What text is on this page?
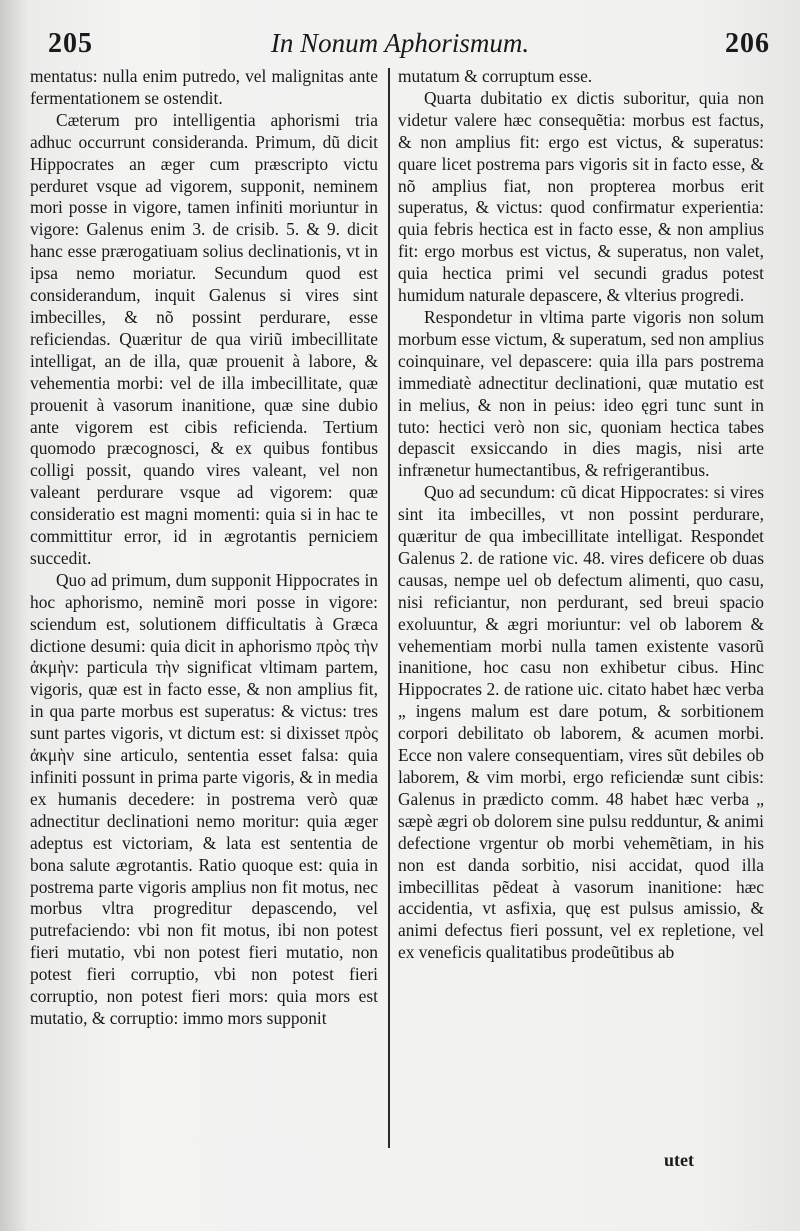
205	In Nonum Aphorismum.	206

mentatus: nulla enim putredo, vel malignitas ante fermentationem se ostendit.

Cæterum pro intelligentia aphorismi tria adhuc occurrunt consideranda. Primum, dũ dicit Hippocrates an æger cum præscripto victu perduret vsque ad vigorem, supponit, neminem mori posse in vigore, tamen infiniti moriuntur in vigore: Galenus enim 3. de crisib. 5. & 9. dicit hanc esse prærogatiuam solius declinationis, vt in ipsa nemo moriatur. Secundum quod est considerandum, inquit Galenus si vires sint imbecilles, & nõ possint perdurare, esse reficiendas. Quæritur de qua viriũ imbecillitate intelligat, an de illa, quæ prouenit à labore, & vehementia morbi: vel de illa imbecillitate, quæ prouenit à vasorum inanitione, quæ sine dubio ante vigorem est cibis reficienda. Tertium quomodo præcognosci, & ex quibus fontibus colligi possit, quando vires valeant, vel non valeant perdurare vsque ad vigorem: quæ consideratio est magni momenti: quia si in hac te committitur error, id in ægrotantis perniciem succedit.

Quo ad primum, dum supponit Hippocrates in hoc aphorismo, neminẽ mori posse in vigore: sciendum est, solutionem difficultatis à Græca dictione desumi: quia dicit in aphorismo πρὸς τὴν ἀκμὴν: particula τὴν significat vltimam partem, vigoris, quæ est in facto esse, & non amplius fit, in qua parte morbus est superatus: & victus: tres sunt partes vigoris, vt dictum est: si dixisset πρὸς ἀκμὴν sine articulo, sententia esset falsa: quia infiniti possunt in prima parte vigoris, & in media ex humanis decedere: in postrema verò quæ adnectitur declinationi nemo moritur: quia æger adeptus est victoriam, & lata est sententia de bona salute ægrotantis. Ratio quoque est: quia in postrema parte vigoris amplius non fit motus, nec morbus vltra progreditur depascendo, vel putrefaciendo: vbi non fit motus, ibi non potest fieri mutatio, vbi non potest fieri mutatio, non potest fieri corruptio, vbi non potest fieri corruptio, non potest fieri mors: quia mors est mutatio, & corruptio: immo mors supponit

mutatum & corruptum esse.

Quarta dubitatio ex dictis suboritur, quia non videtur valere hæc consequẽtia: morbus est factus, & non amplius fit: ergo est victus, & superatus: quare licet postrema pars vigoris sit in facto esse, & nõ amplius fiat, non propterea morbus erit superatus, & victus: quod confirmatur experientia: quia febris hectica est in facto esse, & non amplius fit: ergo morbus est victus, & superatus, non valet, quia hectica primi vel secundi gradus potest humidum naturale depascere, & vlterius progredi.

Respondetur in vltima parte vigoris non solum morbum esse victum, & superatum, sed non amplius coinquinare, vel depascere: quia illa pars postrema immediatè adnectitur declinationi, quæ mutatio est in melius, & non in peius: ideo ęgri tunc sunt in tuto: hectici verò non sic, quoniam hectica tabes depascit exsiccando in dies magis, nisi arte infrænetur humectantibus, & refrigerantibus.

Quo ad secundum: cũ dicat Hippocrates: si vires sint ita imbecilles, vt non possint perdurare, quæritur de qua imbecillitate intelligat. Respondet Galenus 2. de ratione vic. 48. vires deficere ob duas causas, nempe uel ob defectum alimenti, quo casu, nisi reficiantur, non perdurant, sed breui spacio exoluuntur, & ægri moriuntur: vel ob laborem & vehementiam morbi nulla tamen existente vasorũ inanitione, hoc casu non exhibetur cibus. Hinc Hippocrates 2. de ratione uic. citato habet hæc verba „ ingens malum est dare potum, & sorbitionem corpori debilitato ob laborem, & acumen morbi. Ecce non valere consequentiam, vires sũt debiles ob laborem, & vim morbi, ergo reficiendæ sunt cibis: Galenus in prædicto comm. 48 habet hæc verba „ sæpè ægri ob dolorem sine pulsu redduntur, & animi defectione vrgentur ob morbi vehemẽtiam, in his non est danda sorbitio, nisi accidat, quod illa imbecillitas pẽdeat à vasorum inanitione: hæc accidentia, vt asfixia, quę est pulsus amissio, & animi defectus fieri possunt, vel ex repletione, vel ex veneficis qualitatibus prodeũtibus ab

utet
